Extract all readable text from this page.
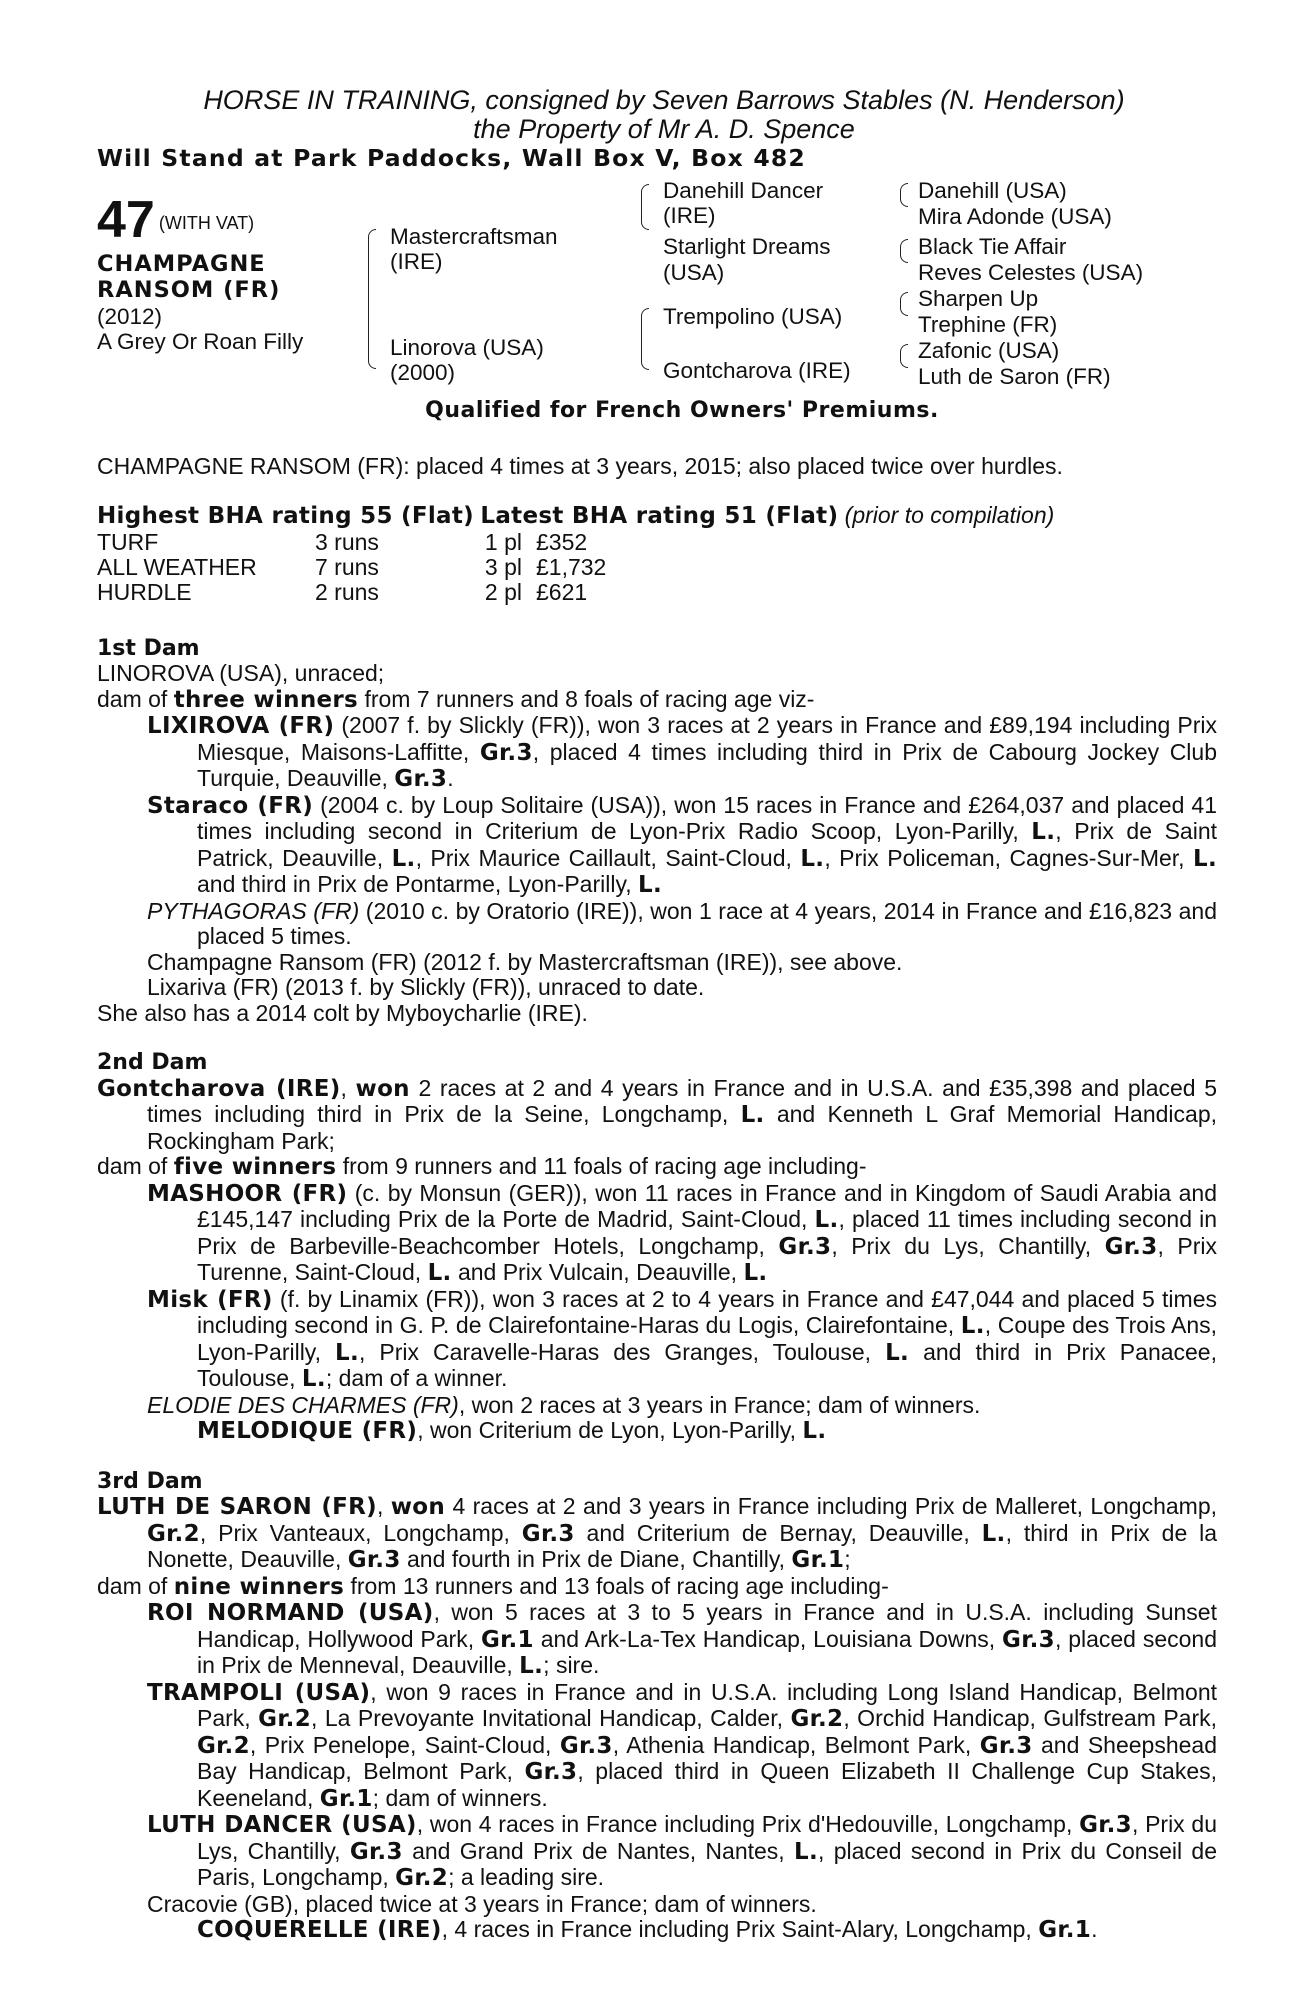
HORSE IN TRAINING, consigned by Seven Barrows Stables (N. Henderson)
the Property of Mr A. D. Spence
Will Stand at Park Paddocks, Wall Box V, Box 482
47 $^{(WITH VAT)}$
CHAMPAGNE
RANSOM (FR)
(2012)
A Grey Or Roan Filly
Mastercraftsman
(IRE)
Linorova (USA)
(2000)
Danehill Dancer
(IRE)
Starlight Dreams
(USA)
Trempolino (USA)
Gontcharova (IRE)
Danehill (USA)
Mira Adonde (USA)
Black Tie Affair
Reves Celestes (USA)
Sharpen Up
Trephine (FR)
Zafonic (USA)
Luth de Saron (FR)
Qualified for French Owners' Premiums.

CHAMPAGNE RANSOM (FR): placed 4 times at 3 years, 2015; also placed twice over hurdles.

Highest BHA rating 55 (Flat) Latest BHA rating 51 (Flat) (prior to compilation)
TURF	3 runs	1 pl £352
ALL WEATHER	7 runs	3 pl £1,732
HURDLE	2 runs	2 pl £621
1st Dam

LINOROVA (USA), unraced;

dam of three winners from 7 runners and 8 foals of racing age viz-

LIXIROVA (FR) (2007 f. by Slickly (FR)), won 3 races at 2 years in France and £89,194 including Prix Miesque, Maisons-Laffitte, Gr.3, placed 4 times including third in Prix de Cabourg Jockey Club Turquie, Deauville, Gr.3.

Staraco (FR) (2004 c. by Loup Solitaire (USA)), won 15 races in France and £264,037 and placed 41 times including second in Criterium de Lyon-Prix Radio Scoop, Lyon-Parilly, L., Prix de Saint Patrick, Deauville, L., Prix Maurice Caillault, Saint-Cloud, L., Prix Policeman, Cagnes-Sur-Mer, L. and third in Prix de Pontarme, Lyon-Parilly, L.

PYTHAGORAS (FR) (2010 c. by Oratorio (IRE)), won 1 race at 4 years, 2014 in France and £16,823 and placed 5 times.

Champagne Ransom (FR) (2012 f. by Mastercraftsman (IRE)), see above.

Lixariva (FR) (2013 f. by Slickly (FR)), unraced to date.

She also has a 2014 colt by Myboycharlie (IRE).

2nd Dam

Gontcharova (IRE), won 2 races at 2 and 4 years in France and in U.S.A. and £35,398 and placed 5 times including third in Prix de la Seine, Longchamp, L. and Kenneth L Graf Memorial Handicap, Rockingham Park;

dam of five winners from 9 runners and 11 foals of racing age including-

MASHOOR (FR) (c. by Monsun (GER)), won 11 races in France and in Kingdom of Saudi Arabia and £145,147 including Prix de la Porte de Madrid, Saint-Cloud, L., placed 11 times including second in Prix de Barbeville-Beachcomber Hotels, Longchamp, Gr.3, Prix du Lys, Chantilly, Gr.3, Prix Turenne, Saint-Cloud, L. and Prix Vulcain, Deauville, L.

Misk (FR) (f. by Linamix (FR)), won 3 races at 2 to 4 years in France and £47,044 and placed 5 times including second in G. P. de Clairefontaine-Haras du Logis, Clairefontaine, L., Coupe des Trois Ans, Lyon-Parilly, L., Prix Caravelle-Haras des Granges, Toulouse, L. and third in Prix Panacee, Toulouse, L.; dam of a winner.

ELODIE DES CHARMES (FR), won 2 races at 3 years in France; dam of winners.

MELODIQUE (FR), won Criterium de Lyon, Lyon-Parilly, L.

3rd Dam

LUTH DE SARON (FR), won 4 races at 2 and 3 years in France including Prix de Malleret, Longchamp, Gr.2, Prix Vanteaux, Longchamp, Gr.3 and Criterium de Bernay, Deauville, L., third in Prix de la Nonette, Deauville, Gr.3 and fourth in Prix de Diane, Chantilly, Gr.1;

dam of nine winners from 13 runners and 13 foals of racing age including-

ROI NORMAND (USA), won 5 races at 3 to 5 years in France and in U.S.A. including Sunset Handicap, Hollywood Park, Gr.1 and Ark-La-Tex Handicap, Louisiana Downs, Gr.3, placed second in Prix de Menneval, Deauville, L.; sire.

TRAMPOLI (USA), won 9 races in France and in U.S.A. including Long Island Handicap, Belmont Park, Gr.2, La Prevoyante Invitational Handicap, Calder, Gr.2, Orchid Handicap, Gulfstream Park, Gr.2, Prix Penelope, Saint-Cloud, Gr.3, Athenia Handicap, Belmont Park, Gr.3 and Sheepshead Bay Handicap, Belmont Park, Gr.3, placed third in Queen Elizabeth II Challenge Cup Stakes, Keeneland, Gr.1; dam of winners.

LUTH DANCER (USA), won 4 races in France including Prix d'Hedouville, Longchamp, Gr.3, Prix du Lys, Chantilly, Gr.3 and Grand Prix de Nantes, Nantes, L., placed second in Prix du Conseil de Paris, Longchamp, Gr.2; a leading sire.

Cracovie (GB), placed twice at 3 years in France; dam of winners.

COQUERELLE (IRE), 4 races in France including Prix Saint-Alary, Longchamp, Gr.1.
